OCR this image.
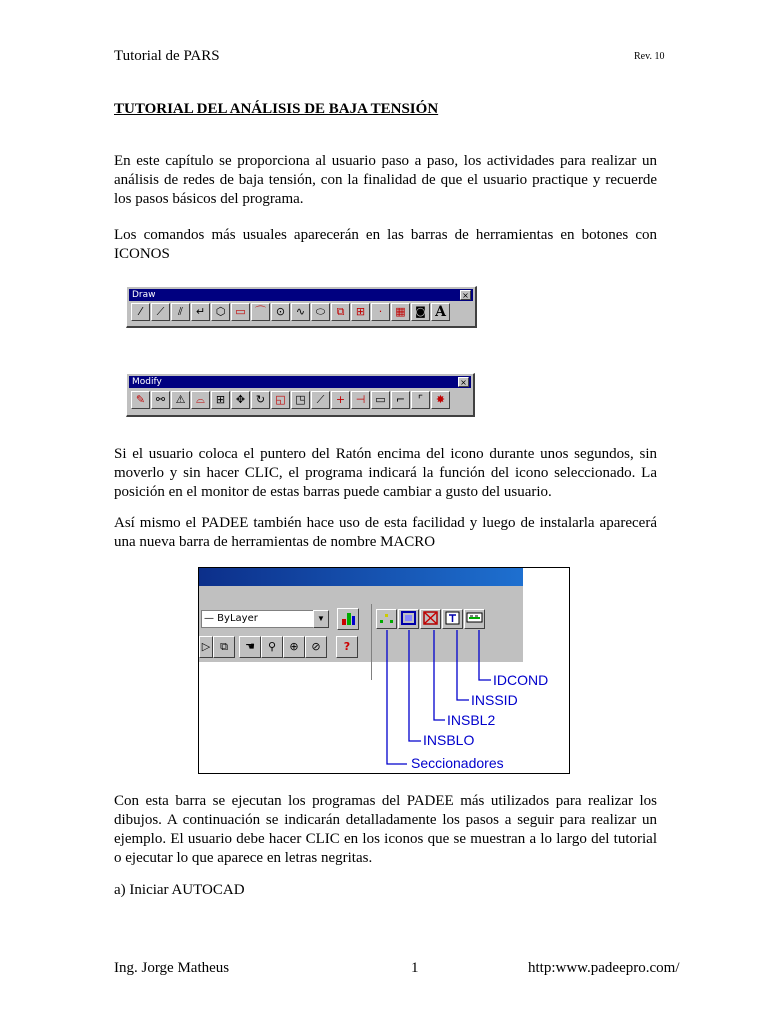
Tutorial de PARS	Rev. 10
TUTORIAL DEL ANÁLISIS DE BAJA TENSIÓN

En este capítulo se proporciona al usuario paso a paso, los actividades para realizar un análisis de redes de baja tensión, con la finalidad de que el usuario practique y recuerde los pasos básicos del programa.

Los comandos más usuales aparecerán en las barras de herramientas en botones con ICONOS

Draw	×
⁄	⟋	⫽	↵ ⬡ ▭ ⌒ ⊙ ∿ ⬭	⧉	⊞	·	▦ ◙ A
Modify	×
✎ ⚯ ⚠ ⌓	⊞ ✥ ↻ ◱ ◳ ⟋	+ ⊣ ▭ ⌐	⌜	✸

Si el usuario coloca el puntero del Ratón encima del icono durante unos segundos, sin moverlo y sin hacer CLIC, el programa indicará la función del icono seleccionado. La posición en el monitor de estas barras puede cambiar a gusto del usuario.

Así mismo el PADEE también hace uso de esta facilidad y luego de instalarla aparecerá una nueva barra de herramientas de nombre MACRO

— ByLayer	▼
▷ ⧉	☚	⚲	⊕	⊘	?
IDCOND
INSSID
INSBL2
INSBLO
Seccionadores

Con esta barra se ejecutan los programas del PADEE más utilizados para realizar los dibujos. A continuación se indicarán detalladamente los pasos a seguir para realizar un ejemplo. El usuario debe hacer CLIC en los iconos que se muestran a lo largo del tutorial o ejecutar lo que aparece en letras negritas.

a) Iniciar AUTOCAD

Ing. Jorge Matheus	1	http:www.padeepro.com/
